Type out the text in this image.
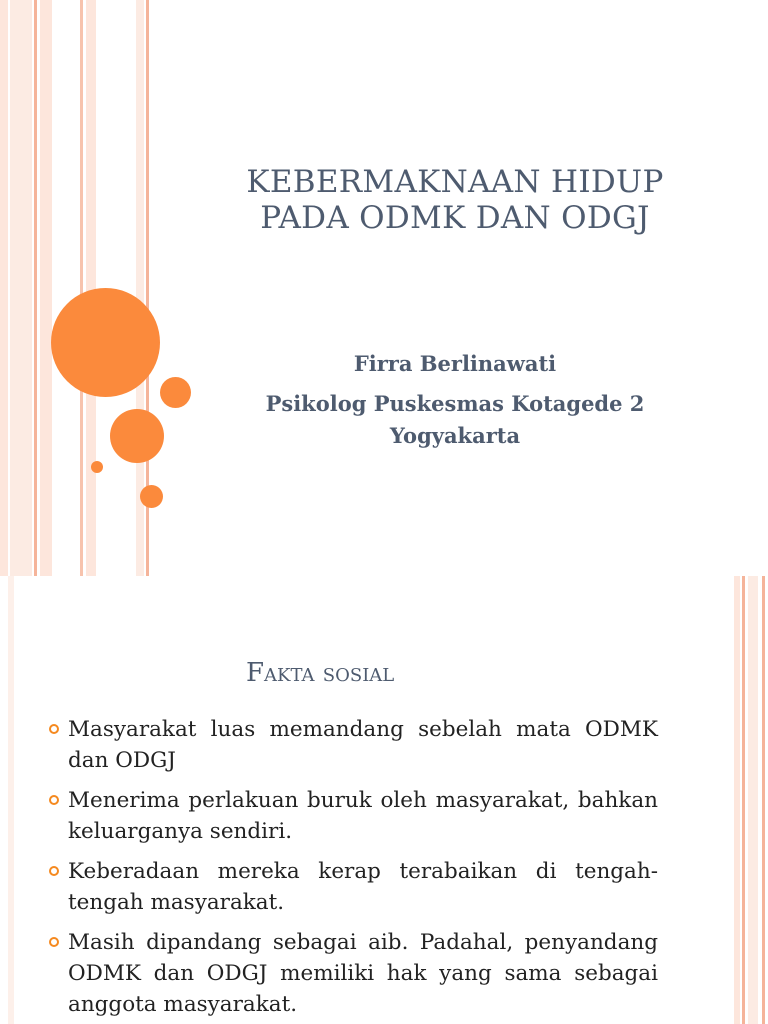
KEBERMAKNAAN HIDUP
PADA ODMK DAN ODGJ
Firra Berlinawati
Psikolog Puskesmas Kotagede 2
Yogyakarta
Fakta sosial
Masyarakat luas memandang sebelah mata ODMK dan ODGJ
Menerima perlakuan buruk oleh masyarakat, bahkan keluarganya sendiri.
Keberadaan mereka kerap terabaikan di tengah-tengah masyarakat.
Masih dipandang sebagai aib. Padahal, penyandang ODMK dan ODGJ memiliki hak yang sama sebagai anggota masyarakat.
